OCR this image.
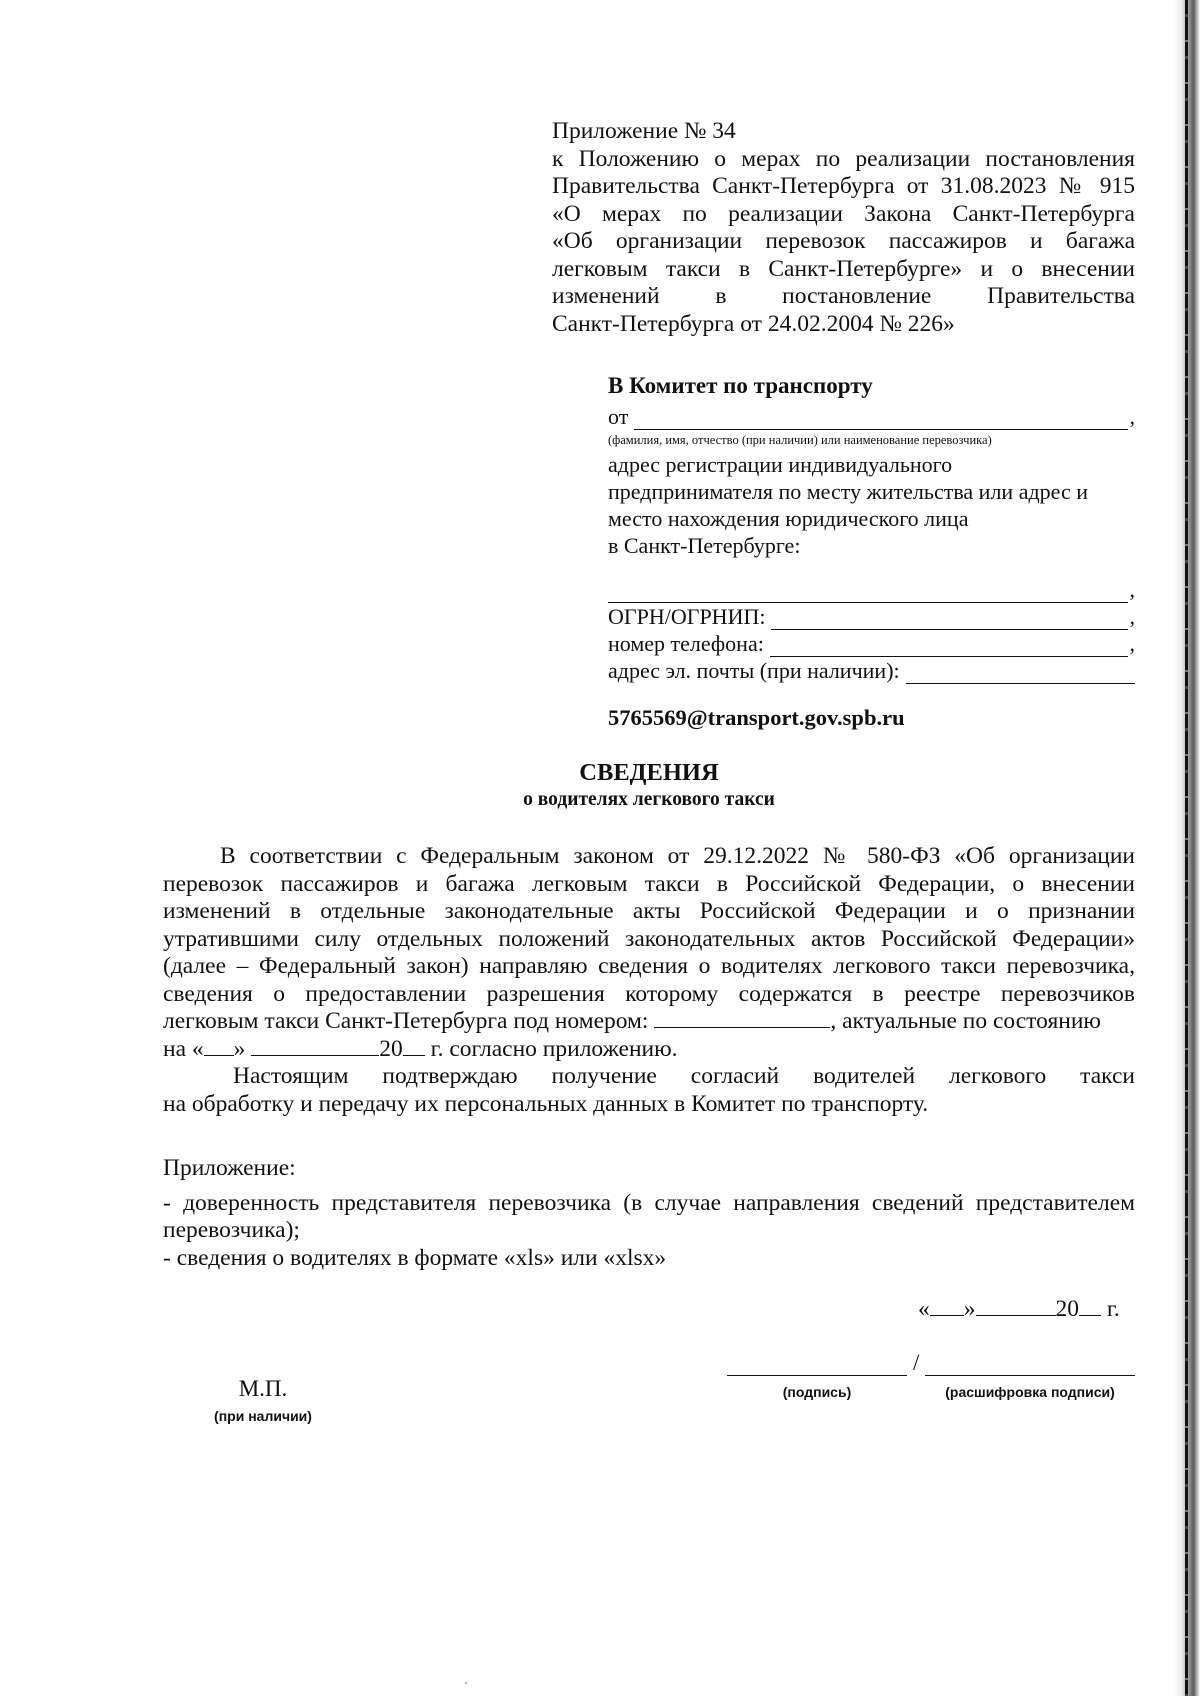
Приложение № 34
к Положению о мерах по реализации постановления
Правительства Санкт-Петербурга от 31.08.2023 № 915
«О мерах по реализации Закона Санкт-Петербурга
«Об организации перевозок пассажиров и багажа
легковым такси в Санкт-Петербурге» и о внесении
изменений в постановление Правительства
Санкт-Петербурга от 24.02.2004 № 226»
В Комитет по транспорту
от	,
(фамилия, имя, отчество (при наличии) или наименование перевозчика)
адрес регистрации индивидуального
предпринимателя по месту жительства или адрес и
место нахождения юридического лица
в Санкт-Петербурге:
,
ОГРН/ОГРНИП:	,
номер телефона:	,
адрес эл. почты (при наличии):
5765569@transport.gov.spb.ru
СВЕДЕНИЯ
о водителях легкового такси
В соответствии с Федеральным законом от 29.12.2022 № 580-ФЗ «Об организации
перевозок пассажиров и багажа легковым такси в Российской Федерации, о внесении
изменений в отдельные законодательные акты Российской Федерации и о признании
утратившими силу отдельных положений законодательных актов Российской Федерации»
(далее – Федеральный закон) направляю сведения о водителях легкового такси перевозчика,
сведения о предоставлении разрешения которому содержатся в реестре перевозчиков
легковым такси Санкт-Петербурга под номером:	, актуальные по состоянию
на « »	20 г. согласно приложению.
Настоящим подтверждаю получение согласий водителей легкового такси
на обработку и передачу их персональных данных в Комитет по транспорту.
Приложение:
- доверенность представителя перевозчика (в случае направления сведений представителем
перевозчика);
- сведения о водителях в формате «xls» или «xlsx»
« »	20 г.
/
(подпись)	(расшифровка подписи)
М.П.
(при наличии)
